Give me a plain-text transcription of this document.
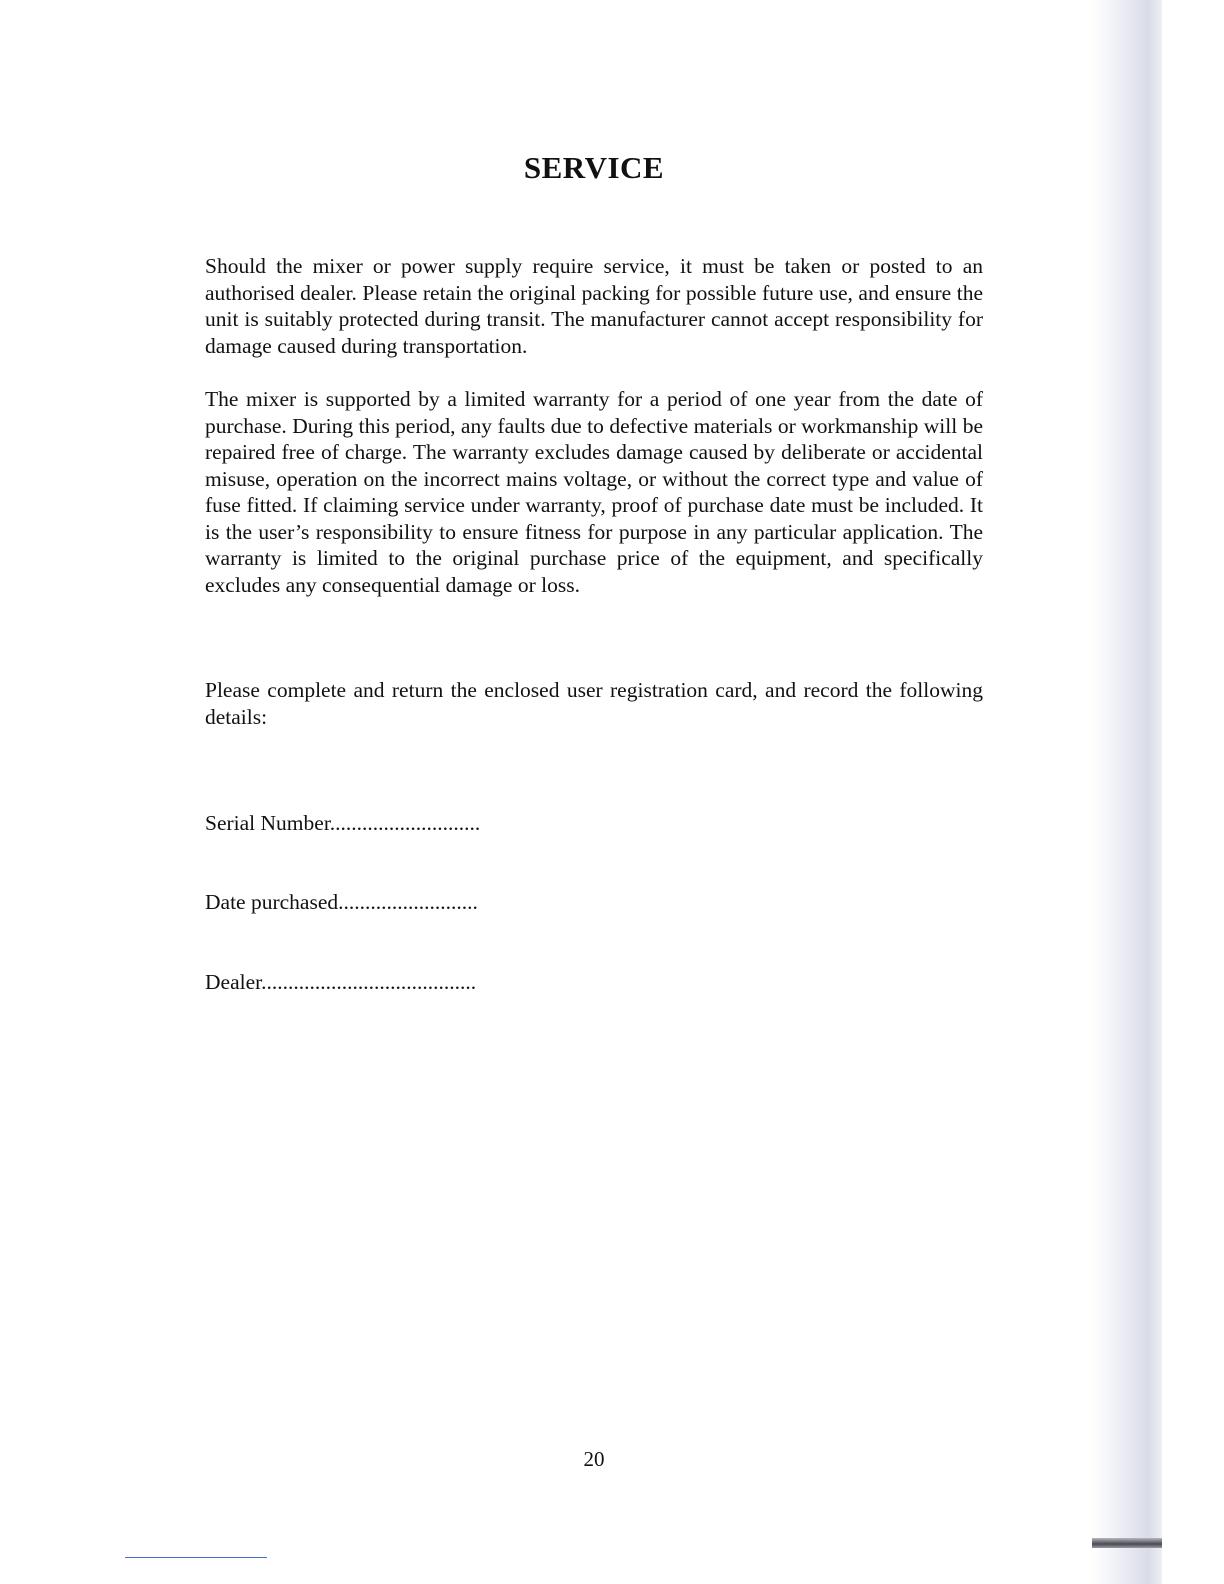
SERVICE

Should the mixer or power supply require service, it must be taken or posted to an authorised dealer. Please retain the original packing for possible future use, and ensure the unit is suitably protected during transit. The manufacturer cannot accept responsibility for damage caused during transportation.

The mixer is supported by a limited warranty for a period of one year from the date of purchase. During this period, any faults due to defective materials or workmanship will be repaired free of charge. The warranty excludes damage caused by deliberate or accidental misuse, operation on the incorrect mains voltage, or without the correct type and value of fuse fitted. If claiming service under warranty, proof of purchase date must be included. It is the user’s responsibility to ensure fitness for purpose in any particular application. The warranty is limited to the original purchase price of the equipment, and specifically excludes any consequential damage or loss.

Please complete and return the enclosed user registration card, and record the following details:

Serial Number............................
Date purchased..........................
Dealer........................................
20
